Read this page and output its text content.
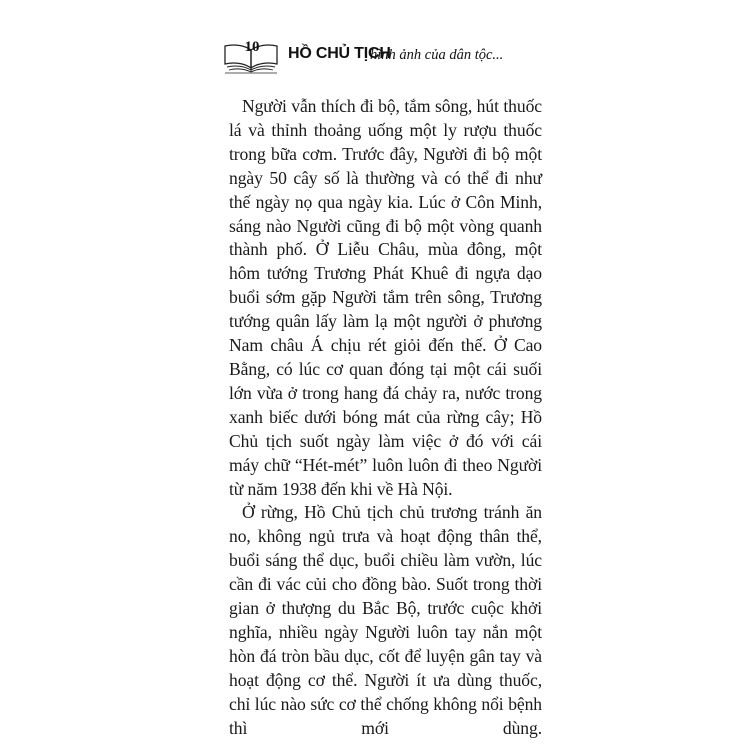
10	HỒ CHỦ TỊCH
hình ảnh của dân tộc...

Người vẫn thích đi bộ, tắm sông, hút thuốc lá và thỉnh thoảng uống một ly rượu thuốc trong bữa cơm. Trước đây, Người đi bộ một ngày 50 cây số là thường và có thể đi như thế ngày nọ qua ngày kia. Lúc ở Côn Minh, sáng nào Người cũng đi bộ một vòng quanh thành phố. Ở Liễu Châu, mùa đông, một hôm tướng Trương Phát Khuê đi ngựa dạo buổi sớm gặp Người tắm trên sông, Trương tướng quân lấy làm lạ một người ở phương Nam châu Á chịu rét giỏi đến thế. Ở Cao Bằng, có lúc cơ quan đóng tại một cái suối lớn vừa ở trong hang đá chảy ra, nước trong xanh biếc dưới bóng mát của rừng cây; Hồ Chủ tịch suốt ngày làm việc ở đó với cái máy chữ “Hét-mét” luôn luôn đi theo Người từ năm 1938 đến khi về Hà Nội.

Ở rừng, Hồ Chủ tịch chủ trương tránh ăn no, không ngủ trưa và hoạt động thân thể, buổi sáng thể dục, buổi chiều làm vườn, lúc cần đi vác củi cho đồng bào. Suốt trong thời gian ở thượng du Bắc Bộ, trước cuộc khởi nghĩa, nhiều ngày Người luôn tay nắn một hòn đá tròn bầu dục, cốt để luyện gân tay và hoạt động cơ thể. Người ít ưa dùng thuốc, chỉ lúc nào sức cơ thể chống không nổi bệnh thì mới dùng.
